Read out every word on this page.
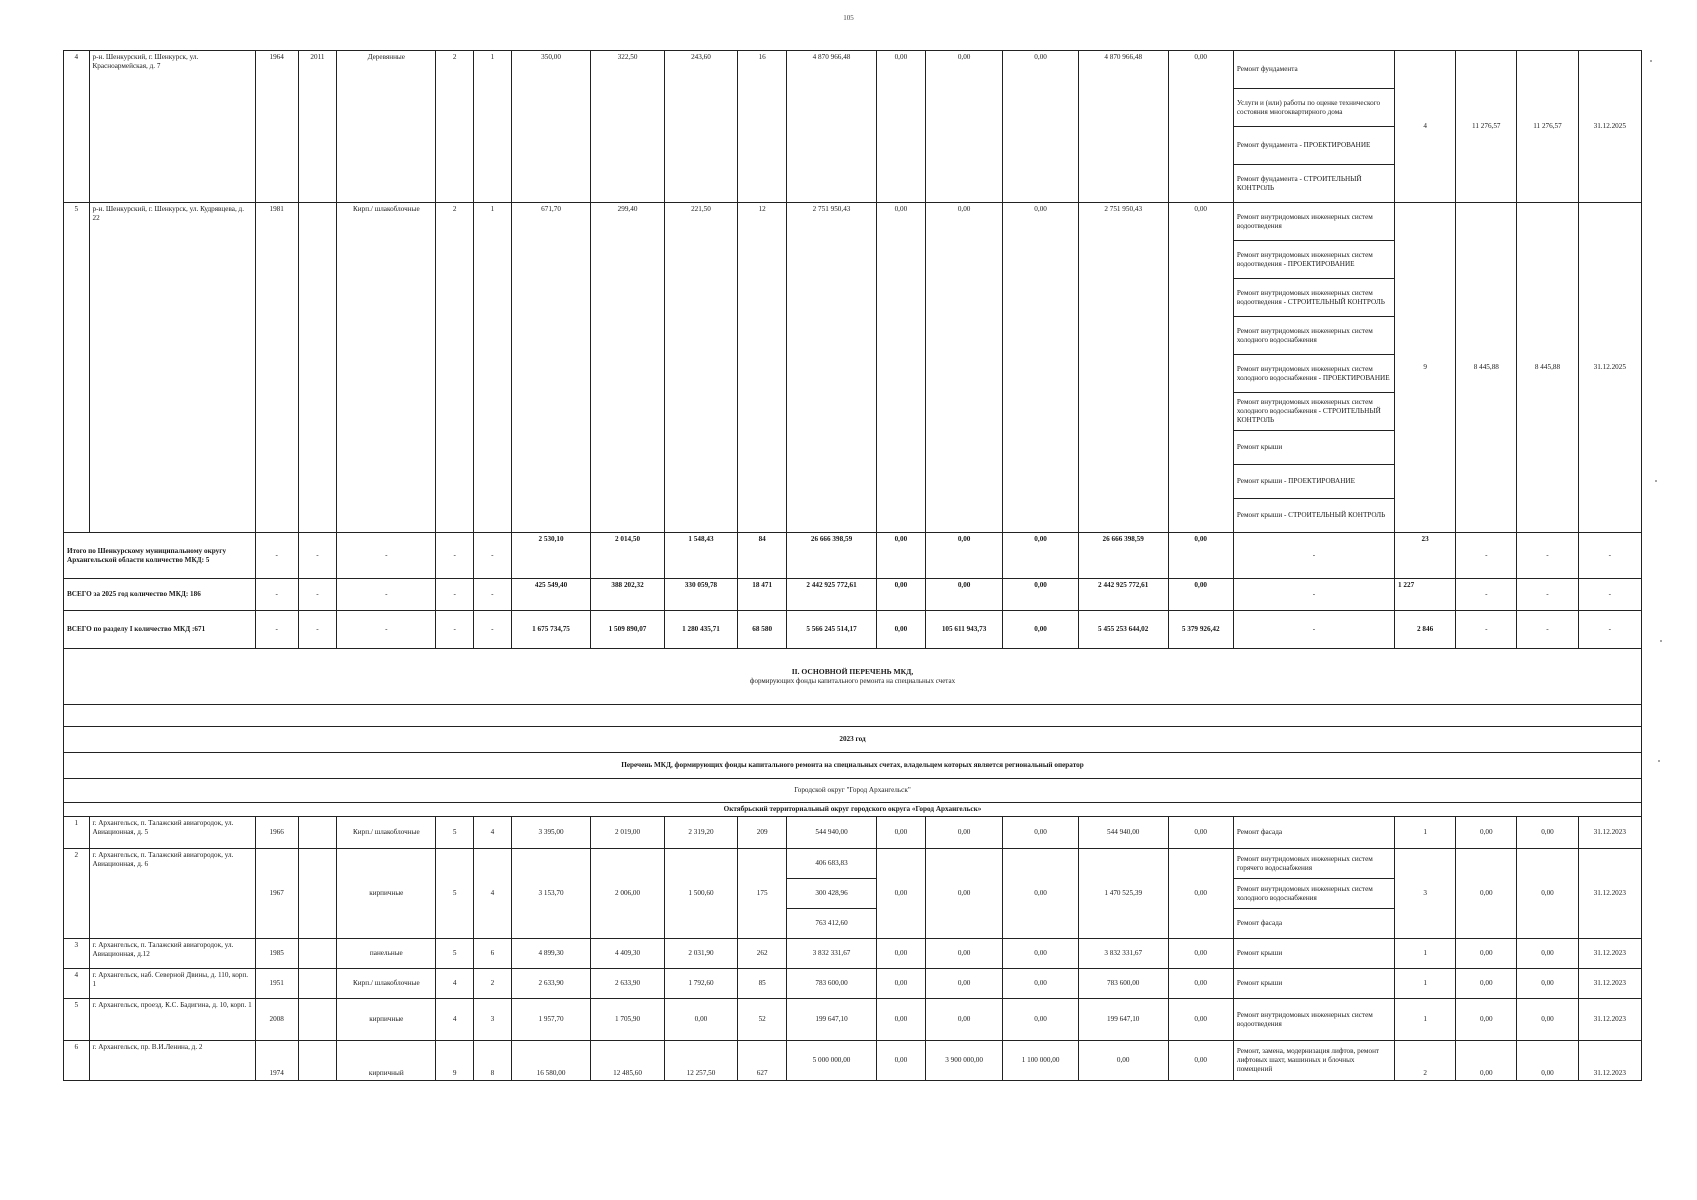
105
4	р-н. Шенкурский, г. Шенкурск, ул. Красноармейская, д. 7	1964	2011	Деревянные	2	1	350,00	322,50	243,60	16	4 870 966,48	0,00	0,00	0,00	4 870 966,48	0,00	Ремонт фундамента	4	11 276,57	11 276,57	31.12.2025
																	Услуги и (или) работы по оценке технического состояния многоквартирного дома				
																	Ремонт фундамента - ПРОЕКТИРОВАНИЕ				
																	Ремонт фундамента - СТРОИТЕЛЬНЫЙ КОНТРОЛЬ				
5	р-н. Шенкурский, г. Шенкурск, ул. Кудрявцева, д. 22	1981		Кирп./ шлакоблочные	2	1	671,70	299,40	221,50	12	2 751 950,43	0,00	0,00	0,00	2 751 950,43	0,00	Ремонт внутридомовых инженерных систем водоотведения	9	8 445,88	8 445,88	31.12.2025
																	Ремонт внутридомовых инженерных систем водоотведения - ПРОЕКТИРОВАНИЕ				
																	Ремонт внутридомовых инженерных систем водоотведения - СТРОИТЕЛЬНЫЙ КОНТРОЛЬ				
																	Ремонт внутридомовых инженерных систем холодного водоснабжения				
																	Ремонт внутридомовых инженерных систем холодного водоснабжения - ПРОЕКТИРОВАНИЕ				
																	Ремонт внутридомовых инженерных систем холодного водоснабжения - СТРОИТЕЛЬНЫЙ КОНТРОЛЬ				
																	Ремонт крыши				
																	Ремонт крыши - ПРОЕКТИРОВАНИЕ				
																	Ремонт крыши - СТРОИТЕЛЬНЫЙ КОНТРОЛЬ				
Итого по Шенкурскому муниципальному округу Архангельской области количество МКД: 5		-	-	-	-	-	2 530,10	2 014,50	1 548,43	84	26 666 398,59	0,00	0,00	0,00	26 666 398,59	0,00	-	23	-	-	-
ВСЕГО за 2025 год количество МКД: 186		-	-	-	-	-	425 549,40	388 202,32	330 059,78	18 471	2 442 925 772,61	0,00	0,00	0,00	2 442 925 772,61	0,00	-	1 227	-	-	-
ВСЕГО по разделу I количество МКД :671		-	-	-	-	-	1 675 734,75	1 509 890,07	1 280 435,71	68 580	5 566 245 514,17	0,00	105 611 943,73	0,00	5 455 253 644,02	5 379 926,42	-	2 846	-	-	-

II. ОСНОВНОЙ ПЕРЕЧЕНЬ МКД,
формирующих фонды капитального ремонта на специальных счетах																					

2023 год																					
Перечень МКД, формирующих фонды капитального ремонта на специальных счетах, владельцем которых является региональный оператор																					
Городской округ "Город Архангельск"																					
Октябрьский территориальный округ городского округа «Город Архангельск»																					
1	г. Архангельск, п. Талажский авиагородок, ул. Авиационная, д. 5	1966		Кирп./ шлакоблочные	5	4	3 395,00	2 019,00	2 319,20	209	544 940,00	0,00	0,00	0,00	544 940,00	0,00	Ремонт фасада	1	0,00	0,00	31.12.2023
2	г. Архангельск, п. Талажский авиагородок, ул. Авиационная, д. 6	1967		кирпичные	5	4	3 153,70	2 006,00	1 500,60	175	406 683,83	0,00	0,00	0,00	1 470 525,39	0,00	Ремонт внутридомовых инженерных систем горячего водоснабжения	3	0,00	0,00	31.12.2023
											300 428,96						Ремонт внутридомовых инженерных систем холодного водоснабжения				
											763 412,60						Ремонт фасада				
3	г. Архангельск, п. Талажский авиагородок, ул. Авиационная, д.12	1985		панельные	5	6	4 899,30	4 409,30	2 031,90	262	3 832 331,67	0,00	0,00	0,00	3 832 331,67	0,00	Ремонт крыши	1	0,00	0,00	31.12.2023
4	г. Архангельск, наб. Северной Двины, д. 110, корп. 1	1951		Кирп./ шлакоблочные	4	2	2 633,90	2 633,90	1 792,60	85	783 600,00	0,00	0,00	0,00	783 600,00	0,00	Ремонт крыши	1	0,00	0,00	31.12.2023
5	г. Архангельск, проезд. К.С. Бадигина, д. 10, корп. 1	2008		кирпичные	4	3	1 957,70	1 705,90	0,00	52	199 647,10	0,00	0,00	0,00	199 647,10	0,00	Ремонт внутридомовых инженерных систем водоотведения	1	0,00	0,00	31.12.2023
6	г. Архангельск, пр. В.И.Ленина, д. 2	1974		кирпичный	9	8	16 580,00	12 485,60	12 257,50	627	5 000 000,00	0,00	3 900 000,00	1 100 000,00	0,00	0,00	Ремонт, замена, модернизация лифтов, ремонт лифтовых шахт, машинных и блочных помещений	2	0,00	0,00	31.12.2023
